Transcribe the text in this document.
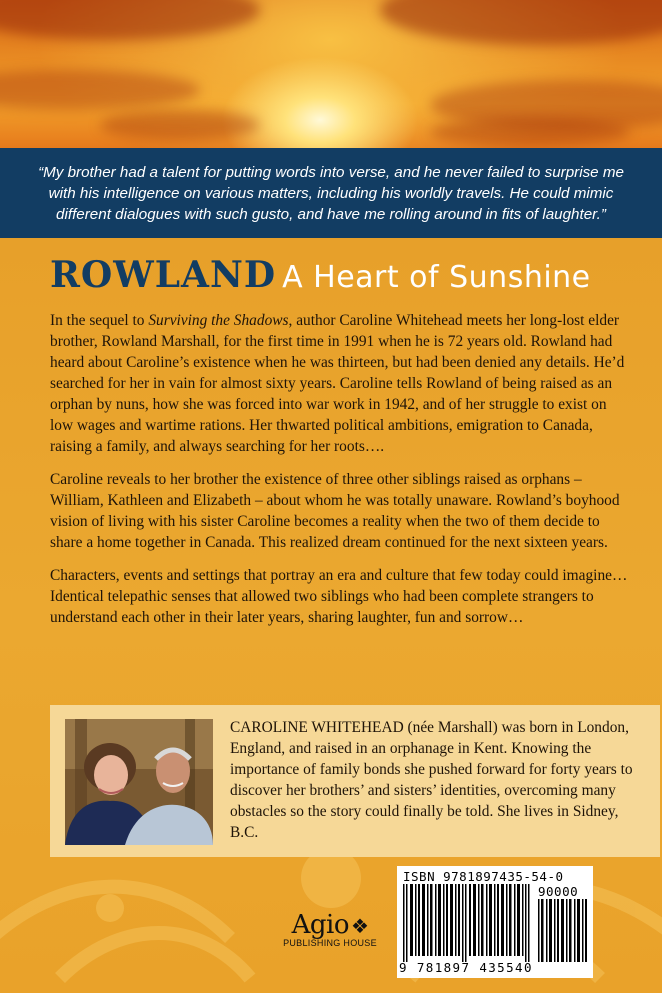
“My brother had a talent for putting words into verse, and he never failed to surprise me with his intelligence on various matters, including his worldly travels. He could mimic different dialogues with such gusto, and have me rolling around in fits of laughter.”

ROWLAND A Heart of Sunshine

In the sequel to Surviving the Shadows, author Caroline Whitehead meets her long-lost elder brother, Rowland Marshall, for the first time in 1991 when he is 72 years old. Rowland had heard about Caroline’s existence when he was thirteen, but had been denied any details. He’d searched for her in vain for almost sixty years. Caroline tells Rowland of being raised as an orphan by nuns, how she was forced into war work in 1942, and of her struggle to exist on low wages and wartime rations. Her thwarted political ambitions, emigration to Canada, raising a family, and always searching for her roots….

Caroline reveals to her brother the existence of three other siblings raised as orphans – William, Kathleen and Elizabeth – about whom he was totally unaware. Rowland’s boyhood vision of living with his sister Caroline becomes a reality when the two of them decide to share a home together in Canada. This realized dream continued for the next sixteen years.

Characters, events and settings that portray an era and culture that few today could imagine… Identical telepathic senses that allowed two siblings who had been complete strangers to understand each other in their later years, sharing laughter, fun and sorrow…

CAROLINE WHITEHEAD (née Marshall) was born in London, England, and raised in an orphanage in Kent. Knowing the importance of family bonds she pushed forward for forty years to discover her brothers’ and sisters’ identities, overcoming many obstacles so the story could finally be told. She lives in Sidney, B.C.

Agio ❖
PUBLISHING HOUSE
ISBN 9781897435-54-0
90000
9 781897 435540
